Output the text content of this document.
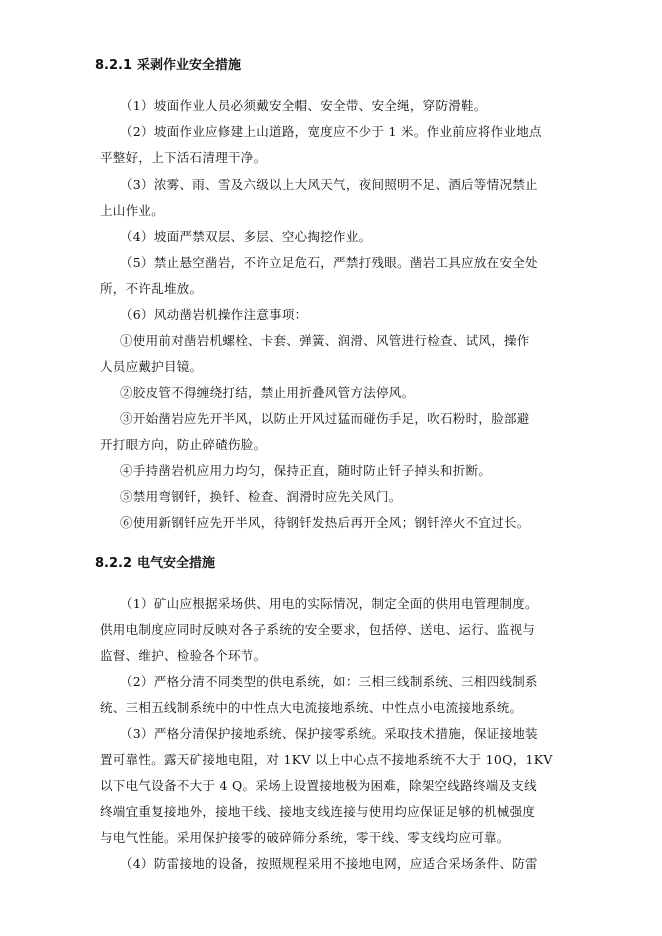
8.2.1 采剥作业安全措施
（1）坡面作业人员必须戴安全帽、安全带、安全绳，穿防滑鞋。
（2）坡面作业应修建上山道路，宽度应不少于 1 米。作业前应将作业地点
平整好，上下活石清理干净。
（3）浓雾、雨、雪及六级以上大风天气，夜间照明不足、酒后等情况禁止
上山作业。
（4）坡面严禁双层、多层、空心掏挖作业。
（5）禁止悬空凿岩，不许立足危石，严禁打残眼。凿岩工具应放在安全处
所，不许乱堆放。
（6）风动凿岩机操作注意事项：
①使用前对凿岩机螺栓、卡套、弹簧、润滑、风管进行检查、试风，操作
人员应戴护目镜。
②胶皮管不得缠绕打结，禁止用折叠风管方法停风。
③开始凿岩应先开半风，以防止开风过猛而碰伤手足，吹石粉时，脸部避
开打眼方向，防止碎碴伤脸。
④手持凿岩机应用力均匀，保持正直，随时防止钎子掉头和折断。
⑤禁用弯钢钎，换钎、检查、润滑时应先关风门。
⑥使用新钢钎应先开半风，待钢钎发热后再开全风；钢钎淬火不宜过长。
8.2.2 电气安全措施
（1）矿山应根据采场供、用电的实际情况，制定全面的供用电管理制度。
供用电制度应同时反映对各子系统的安全要求，包括停、送电、运行、监视与
监督、维护、检验各个环节。
（2）严格分清不同类型的供电系统，如：三相三线制系统、三相四线制系
统、三相五线制系统中的中性点大电流接地系统、中性点小电流接地系统。
（3）严格分清保护接地系统、保护接零系统。采取技术措施，保证接地装
置可靠性。露天矿接地电阻，对 1KV 以上中心点不接地系统不大于 10Q，1KV
以下电气设备不大于 4 Q。采场上设置接地极为困难，除架空线路终端及支线
终端宜重复接地外，接地干线、接地支线连接与使用均应保证足够的机械强度
与电气性能。采用保护接零的破碎筛分系统，零干线、零支线均应可靠。
（4）防雷接地的设备，按照规程采用不接地电网，应适合采场条件、防雷
